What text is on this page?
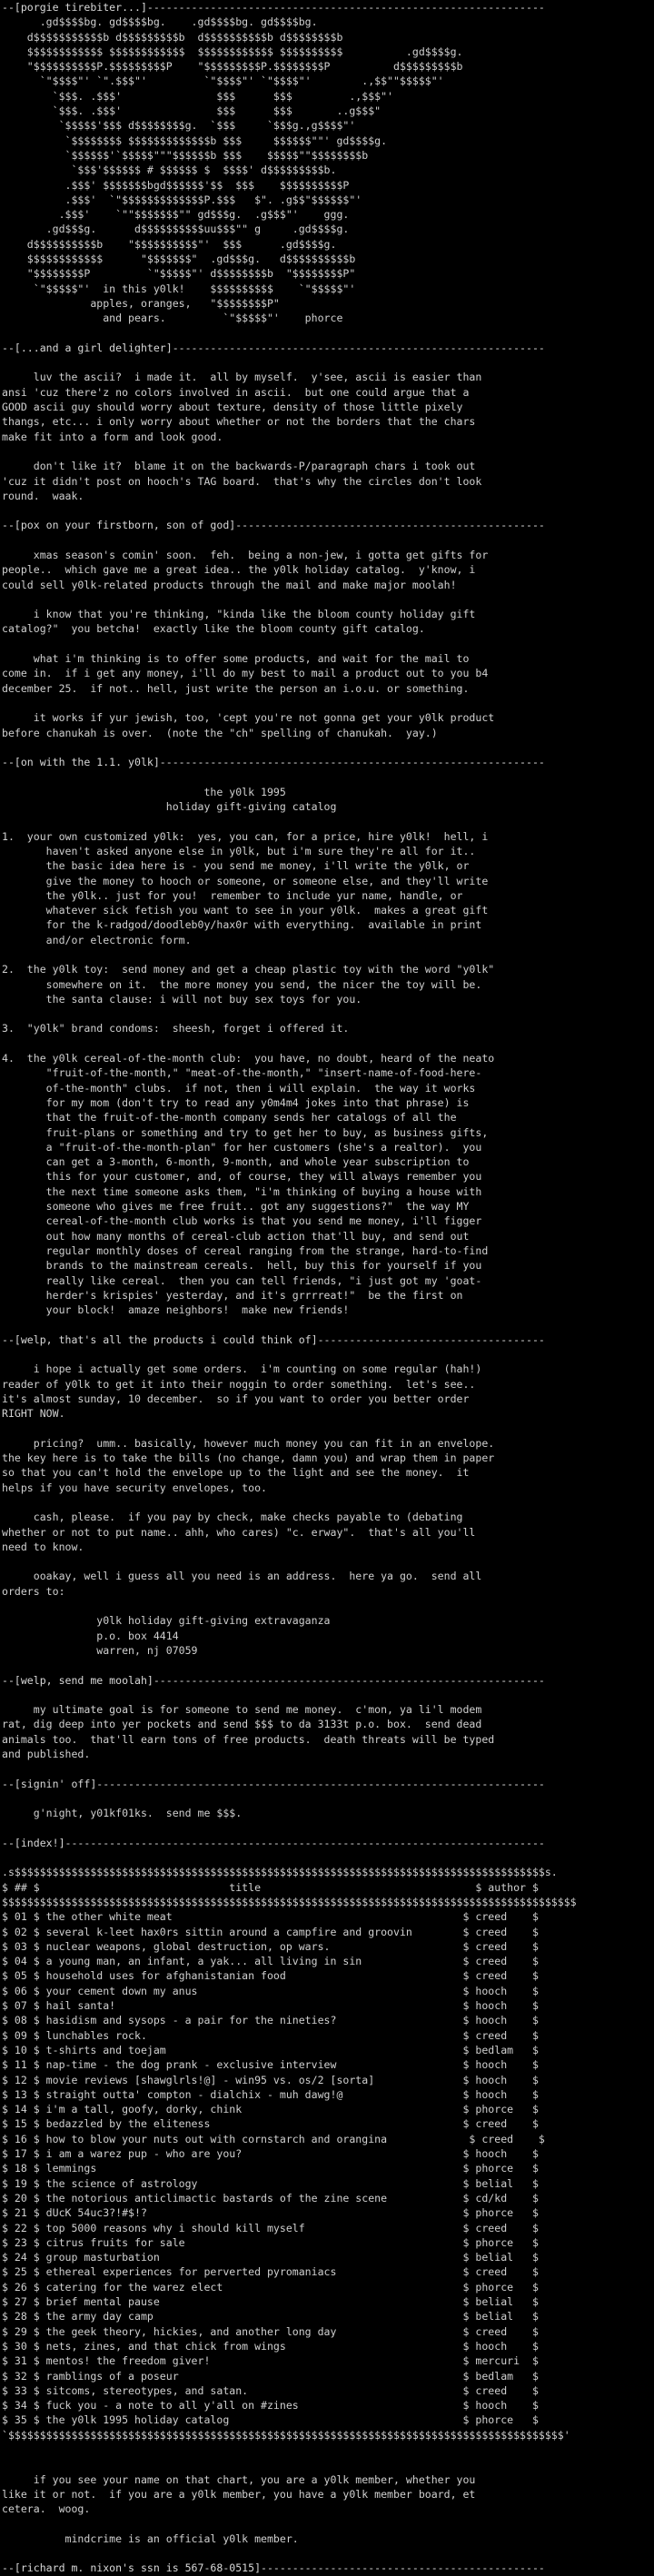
--[porgie tirebiter...]---------------------------------------------------------------
.gd$$$$bg. gd$$$$bg.    .gd$$$$bg. gd$$$$bg.
d$$$$$$$$$$$b d$$$$$$$$$b  d$$$$$$$$$$b d$$$$$$$$b
$$$$$$$$$$$$ $$$$$$$$$$$$  $$$$$$$$$$$$ $$$$$$$$$$          .gd$$$$g.
"$$$$$$$$$$P.$$$$$$$$$P    "$$$$$$$$$P.$$$$$$$$P          d$$$$$$$$$b
`"$$$$"' `".$$$"'         `"$$$$"' `"$$$$"'        .,$$""$$$$$"'
`$$$. .$$$'               $$$      $$$         .,$$$"'
`$$$. .$$$'               $$$      $$$       ..g$$$"
`$$$$$'$$$ d$$$$$$$$g.  `$$$     `$$$g.,g$$$$"'
`$$$$$$$$ $$$$$$$$$$$$$b $$$     $$$$$$""' gd$$$$g.
`$$$$$$'`$$$$$"""$$$$$$b $$$    $$$$$""$$$$$$$$b
`$$$'$$$$$$ # $$$$$$ $  $$$$' d$$$$$$$$$b.
.$$$' $$$$$$$bgd$$$$$$'$$  $$$    $$$$$$$$$$P
.$$$'  `"$$$$$$$$$$$$$P.$$$   $". .g$$"$$$$$$"'
.$$$'    `""$$$$$$$"" gd$$$g.  .g$$$"'    ggg.
.gd$$$g.      d$$$$$$$$$$uu$$$"" g     .gd$$$$g.
d$$$$$$$$$$b    "$$$$$$$$$$"'  $$$      .gd$$$$g.
$$$$$$$$$$$$      "$$$$$$$"  .gd$$$g.   d$$$$$$$$$$b
"$$$$$$$$P         `"$$$$$"' d$$$$$$$$b  "$$$$$$$$P"
`"$$$$$"'  in this y0lk!    $$$$$$$$$$    `"$$$$$"'
apples, oranges,   "$$$$$$$$P"
and pears.         `"$$$$$"'    phorce

--[...and a girl delighter]-----------------------------------------------------------

luv the ascii?  i made it.  all by myself.  y'see, ascii is easier than
ansi 'cuz there'z no colors involved in ascii.  but one could argue that a
GOOD ascii guy should worry about texture, density of those little pixely
thangs, etc... i only worry about whether or not the borders that the chars
make fit into a form and look good.

don't like it?  blame it on the backwards-P/paragraph chars i took out
'cuz it didn't post on hooch's TAG board.  that's why the circles don't look
round.  waak.

--[pox on your firstborn, son of god]-------------------------------------------------

xmas season's comin' soon.  feh.  being a non-jew, i gotta get gifts for
people..  which gave me a great idea.. the y0lk holiday catalog.  y'know, i
could sell y0lk-related products through the mail and make major moolah!

i know that you're thinking, "kinda like the bloom county holiday gift
catalog?"  you betcha!  exactly like the bloom county gift catalog.

what i'm thinking is to offer some products, and wait for the mail to
come in.  if i get any money, i'll do my best to mail a product out to you b4
december 25.  if not.. hell, just write the person an i.o.u. or something.

it works if yur jewish, too, 'cept you're not gonna get your y0lk product
before chanukah is over.  (note the "ch" spelling of chanukah.  yay.)

--[on with the 1.1. y0lk]-------------------------------------------------------------

the y0lk 1995
holiday gift-giving catalog

1.  your own customized y0lk:  yes, you can, for a price, hire y0lk!  hell, i
haven't asked anyone else in y0lk, but i'm sure they're all for it..
the basic idea here is - you send me money, i'll write the y0lk, or
give the money to hooch or someone, or someone else, and they'll write
the y0lk.. just for you!  remember to include yur name, handle, or
whatever sick fetish you want to see in your y0lk.  makes a great gift
for the k-radgod/doodleb0y/hax0r with everything.  available in print
and/or electronic form.

2.  the y0lk toy:  send money and get a cheap plastic toy with the word "y0lk"
somewhere on it.  the more money you send, the nicer the toy will be.
the santa clause: i will not buy sex toys for you.

3.  "y0lk" brand condoms:  sheesh, forget i offered it.

4.  the y0lk cereal-of-the-month club:  you have, no doubt, heard of the neato
"fruit-of-the-month," "meat-of-the-month," "insert-name-of-food-here-
of-the-month" clubs.  if not, then i will explain.  the way it works
for my mom (don't try to read any y0m4m4 jokes into that phrase) is
that the fruit-of-the-month company sends her catalogs of all the
fruit-plans or something and try to get her to buy, as business gifts,
a "fruit-of-the-month-plan" for her customers (she's a realtor).  you
can get a 3-month, 6-month, 9-month, and whole year subscription to
this for your customer, and, of course, they will always remember you
the next time someone asks them, "i'm thinking of buying a house with
someone who gives me free fruit.. got any suggestions?"  the way MY
cereal-of-the-month club works is that you send me money, i'll figger
out how many months of cereal-club action that'll buy, and send out
regular monthly doses of cereal ranging from the strange, hard-to-find
brands to the mainstream cereals.  hell, buy this for yourself if you
really like cereal.  then you can tell friends, "i just got my 'goat-
herder's krispies' yesterday, and it's grrrreat!"  be the first on
your block!  amaze neighbors!  make new friends!

--[welp, that's all the products i could think of]------------------------------------

i hope i actually get some orders.  i'm counting on some regular (hah!)
reader of y0lk to get it into their noggin to order something.  let's see..
it's almost sunday, 10 december.  so if you want to order you better order
RIGHT NOW.

pricing?  umm.. basically, however much money you can fit in an envelope.
the key here is to take the bills (no change, damn you) and wrap them in paper
so that you can't hold the envelope up to the light and see the money.  it
helps if you have security envelopes, too.

cash, please.  if you pay by check, make checks payable to (debating
whether or not to put name.. ahh, who cares) "c. erway".  that's all you'll
need to know.

ooakay, well i guess all you need is an address.  here ya go.  send all
orders to:

y0lk holiday gift-giving extravaganza
p.o. box 4414
warren, nj 07059

--[welp, send me moolah]--------------------------------------------------------------

my ultimate goal is for someone to send me money.  c'mon, ya li'l modem
rat, dig deep into yer pockets and send $$$ to da 3133t p.o. box.  send dead
animals too.  that'll earn tons of free products.  death threats will be typed
and published.

--[signin' off]-----------------------------------------------------------------------

g'night, y01kf01ks.  send me $$$.

--[index!]----------------------------------------------------------------------------

.s$$$$$$$$$$$$$$$$$$$$$$$$$$$$$$$$$$$$$$$$$$$$$$$$$$$$$$$$$$$$$$$$$$$$$$$$$$$$$$$$$$$$s.
$ ## $                              title                                  $ author $
$$$$$$$$$$$$$$$$$$$$$$$$$$$$$$$$$$$$$$$$$$$$$$$$$$$$$$$$$$$$$$$$$$$$$$$$$$$$$$$$$$$$$$$$$$$
$ 01 $ the other white meat                                              $ creed    $
$ 02 $ several k-leet hax0rs sittin around a campfire and groovin        $ creed    $
$ 03 $ nuclear weapons, global destruction, op wars.                     $ creed    $
$ 04 $ a young man, an infant, a yak... all living in sin                $ creed    $
$ 05 $ household uses for afghanistanian food                            $ creed    $
$ 06 $ your cement down my anus                                          $ hooch    $
$ 07 $ hail santa!                                                       $ hooch    $
$ 08 $ hasidism and sysops - a pair for the nineties?                    $ hooch    $
$ 09 $ lunchables rock.                                                  $ creed    $
$ 10 $ t-shirts and toejam                                               $ bedlam   $
$ 11 $ nap-time - the dog prank - exclusive interview                    $ hooch    $
$ 12 $ movie reviews [shawglrls!@] - win95 vs. os/2 [sorta]              $ hooch    $
$ 13 $ straight outta' compton - dialchix - muh dawg!@                   $ hooch    $
$ 14 $ i'm a tall, goofy, dorky, chink                                   $ phorce   $
$ 15 $ bedazzled by the eliteness                                        $ creed    $
$ 16 $ how to blow your nuts out with cornstarch and orangina             $ creed    $
$ 17 $ i am a warez pup - who are you?                                   $ hooch    $
$ 18 $ lemmings                                                          $ phorce   $
$ 19 $ the science of astrology                                          $ belial   $
$ 20 $ the notorious anticlimactic bastards of the zine scene            $ cd/kd    $
$ 21 $ dUcK 54uc3?!#$!?                                                  $ phorce   $
$ 22 $ top 5000 reasons why i should kill myself                         $ creed    $
$ 23 $ citrus fruits for sale                                            $ phorce   $
$ 24 $ group masturbation                                                $ belial   $
$ 25 $ ethereal experiences for perverted pyromaniacs                    $ creed    $
$ 26 $ catering for the warez elect                                      $ phorce   $
$ 27 $ brief mental pause                                                $ belial   $
$ 28 $ the army day camp                                                 $ belial   $
$ 29 $ the geek theory, hickies, and another long day                    $ creed    $
$ 30 $ nets, zines, and that chick from wings                            $ hooch    $
$ 31 $ mentos! the freedom giver!                                        $ mercuri  $
$ 32 $ ramblings of a poseur                                             $ bedlam   $
$ 33 $ sitcoms, stereotypes, and satan.                                  $ creed    $
$ 34 $ fuck you - a note to all y'all on #zines                          $ hooch    $
$ 35 $ the y0lk 1995 holiday catalog                                     $ phorce   $
`$$$$$$$$$$$$$$$$$$$$$$$$$$$$$$$$$$$$$$$$$$$$$$$$$$$$$$$$$$$$$$$$$$$$$$$$$$$$$$$$$$$$$$$$'

if you see your name on that chart, you are a y0lk member, whether you
like it or not.  if you are a y0lk member, you have a y0lk member board, et
cetera.  woog.

mindcrime is an official y0lk member.

--[richard m. nixon's ssn is 567-68-0515]---------------------------------------------
